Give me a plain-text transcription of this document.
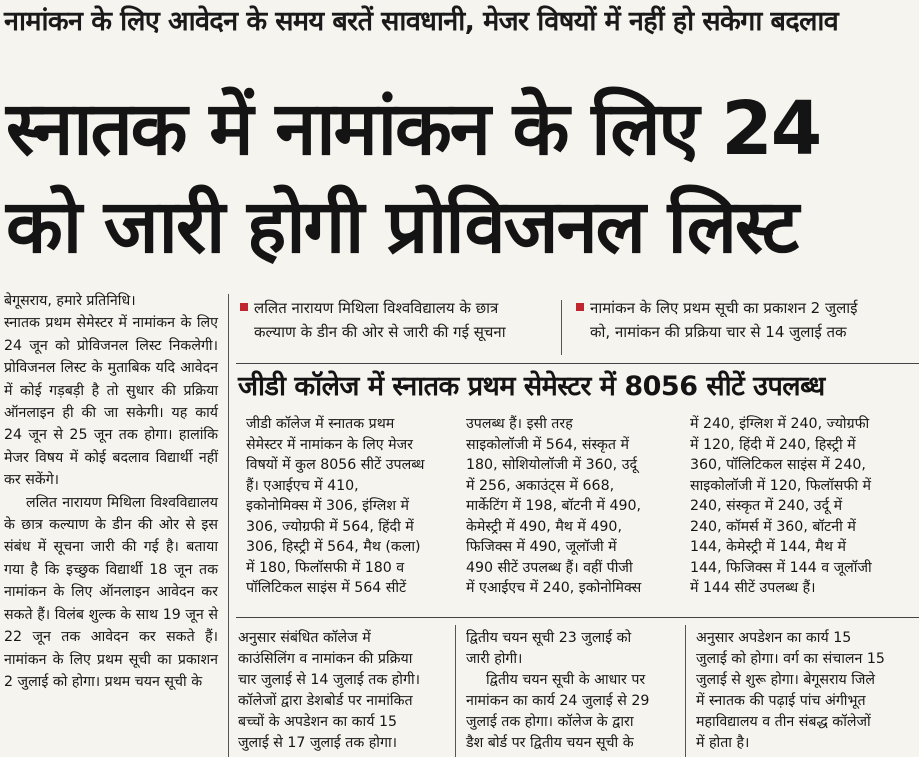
नामांकन के लिए आवेदन के समय बरतें सावधानी, मेजर विषयों में नहीं हो सकेगा बदलाव
स्नातक में नामांकन के लिए 24
को जारी होगी प्रोविजनल लिस्ट

बेगूसराय, हमारे प्रतिनिधि।

स्नातक प्रथम सेमेस्टर में नामांकन के लिए 24 जून को प्रोविजनल लिस्ट निकलेगी। प्रोविजनल लिस्ट के मुताबिक यदि आवेदन में कोई गड़बड़ी है तो सुधार की प्रक्रिया ऑनलाइन ही की जा सकेगी। यह कार्य 24 जून से 25 जून तक होगा। हालांकि मेजर विषय में कोई बदलाव विद्यार्थी नहीं कर सकेंगे।

ललित नारायण मिथिला विश्वविद्यालय के छात्र कल्याण के डीन की ओर से इस संबंध में सूचना जारी की गई है। बताया गया है कि इच्छुक विद्यार्थी 18 जून तक नामांकन के लिए ऑनलाइन आवेदन कर सकते हैं। विलंब शुल्क के साथ 19 जून से 22 जून तक आवेदन कर सकते हैं। नामांकन के लिए प्रथम सूची का प्रकाशन 2 जुलाई को होगा। प्रथम चयन सूची के

ललित नारायण मिथिला विश्वविद्यालय के छात्र
कल्याण के डीन की ओर से जारी की गई सूचना
नामांकन के लिए प्रथम सूची का प्रकाशन 2 जुलाई
को, नामांकन की प्रक्रिया चार से 14 जुलाई तक
जीडी कॉलेज में स्नातक प्रथम सेमेस्टर में 8056 सीटें उपलब्ध
जीडी कॉलेज में स्नातक प्रथम
सेमेस्टर में नामांकन के लिए मेजर
विषयों में कुल 8056 सीटें उपलब्ध
हैं। एआईएच में 410,
इकोनोमिक्स में 306, इंग्लिश में
306, ज्योग्रफी में 564, हिंदी में
306, हिस्ट्री में 564, मैथ (कला)
में 180, फिलॉसफी में 180 व
पॉलिटिकल साइंस में 564 सीटें
उपलब्ध हैं। इसी तरह
साइकोलॉजी में 564, संस्कृत में
180, सोशियोलॉजी में 360, उर्दू
में 256, अकाउंट्स में 668,
मार्केटिंग में 198, बॉटनी में 490,
केमेस्ट्री में 490, मैथ में 490,
फिजिक्स में 490, जूलॉजी में
490 सीटें उपलब्ध हैं। वहीं पीजी
में एआईएच में 240, इकोनोमिक्स
में 240, इंग्लिश में 240, ज्योग्रफी
में 120, हिंदी में 240, हिस्ट्री में
360, पॉलिटिकल साइंस में 240,
साइकोलॉजी में 120, फिलॉसफी में
240, संस्कृत में 240, उर्दू में
240, कॉमर्स में 360, बॉटनी में
144, केमेस्ट्री में 144, मैथ में
144, फिजिक्स में 144 व जूलॉजी
में 144 सीटें उपलब्ध हैं।
अनुसार संबंधित कॉलेज में
काउंसिलिंग व नामांकन की प्रक्रिया
चार जुलाई से 14 जुलाई तक होगी।
कॉलेजों द्वारा डेशबोर्ड पर नामांकित
बच्चों के अपडेशन का कार्य 15
जुलाई से 17 जुलाई तक होगा।
द्वितीय चयन सूची 23 जुलाई को
जारी होगी।
द्वितीय चयन सूची के आधार पर
नामांकन का कार्य 24 जुलाई से 29
जुलाई तक होगा। कॉलेज के द्वारा
डैश बोर्ड पर द्वितीय चयन सूची के
अनुसार अपडेशन का कार्य 15
जुलाई को होगा। वर्ग का संचालन 15
जुलाई से शुरू होगा। बेगूसराय जिले
में स्नातक की पढ़ाई पांच अंगीभूत
महाविद्यालय व तीन संबद्ध कॉलेजों
में होता है।
